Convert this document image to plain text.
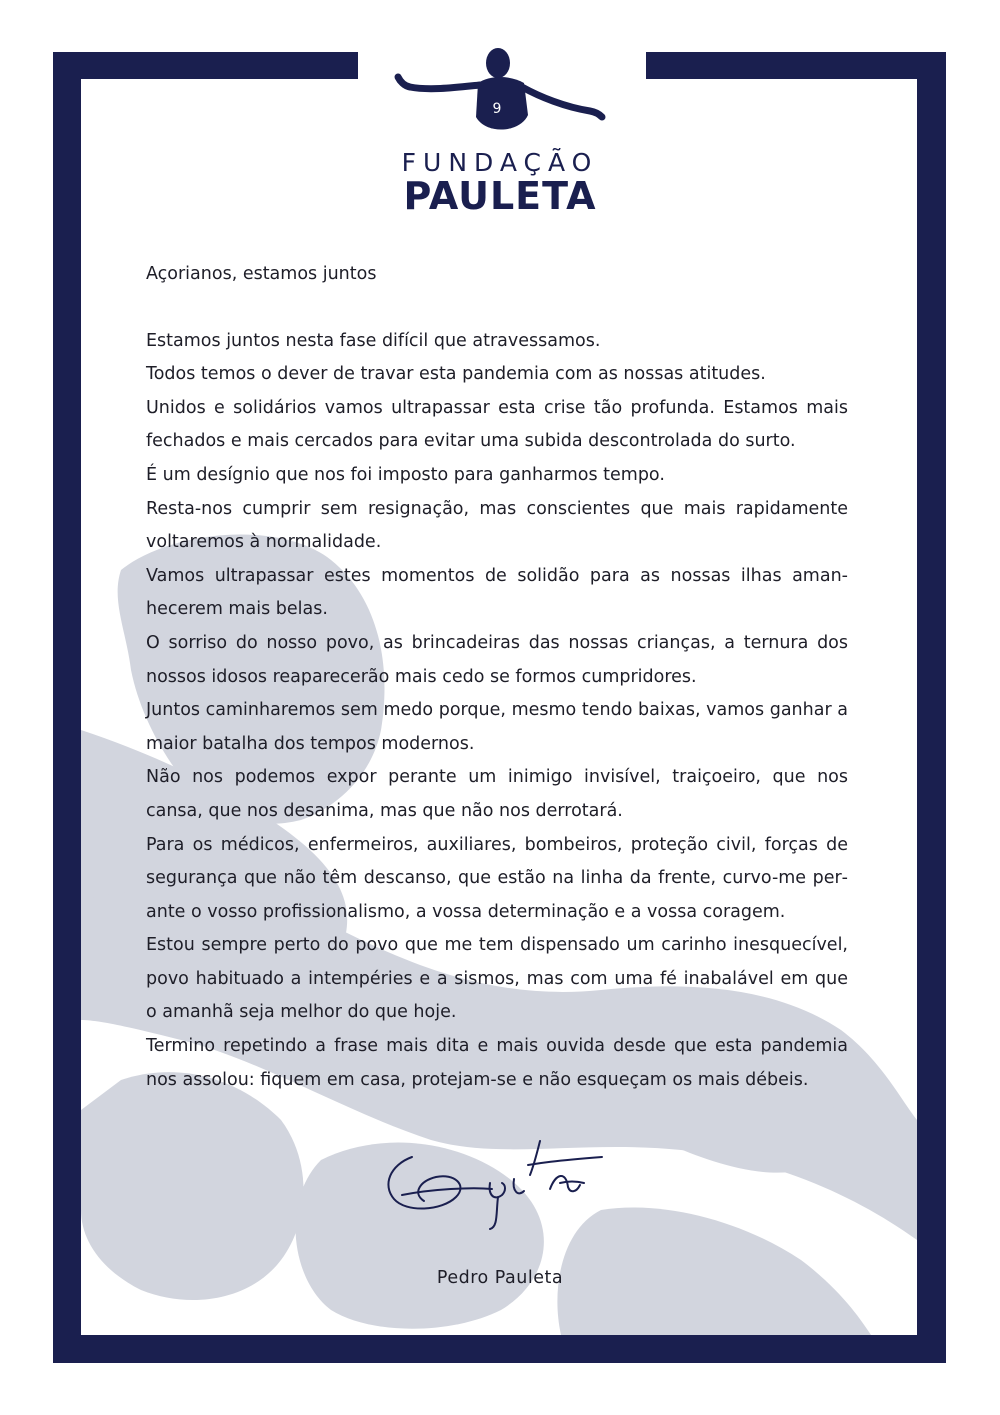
9
FUNDAÇÃO
PAULETA

Açorianos, estamos juntos

Estamos juntos nesta fase difícil que atravessamos.

Todos temos o dever de travar esta pandemia com as nossas atitudes.

Unidos e solidários vamos ultrapassar esta crise tão profunda. Estamos mais fechados e mais cercados para evitar uma subida descontrolada do surto.

É um desígnio que nos foi imposto para ganharmos tempo.

Resta-nos cumprir sem resignação, mas conscientes que mais rapidamente voltaremos à normalidade.

Vamos ultrapassar estes momentos de solidão para as nossas ilhas amanhecerem mais belas.

O sorriso do nosso povo, as brincadeiras das nossas crianças, a ternura dos nossos idosos reaparecerão mais cedo se formos cumpridores.

Juntos caminharemos sem medo porque, mesmo tendo baixas, vamos ganhar a maior batalha dos tempos modernos.

Não nos podemos expor perante um inimigo invisível, traiçoeiro, que nos cansa, que nos desanima, mas que não nos derrotará.

Para os médicos, enfermeiros, auxiliares, bombeiros, proteção civil, forças de segurança que não têm descanso, que estão na linha da frente, curvo-me perante o vosso profissionalismo, a vossa determinação e a vossa coragem.

Estou sempre perto do povo que me tem dispensado um carinho inesquecível, povo habituado a intempéries e a sismos, mas com uma fé inabalável em que o amanhã seja melhor do que hoje.

Termino repetindo a frase mais dita e mais ouvida desde que esta pandemia nos assolou: fiquem em casa, protejam-se e não esqueçam os mais débeis.

Pedro Pauleta
